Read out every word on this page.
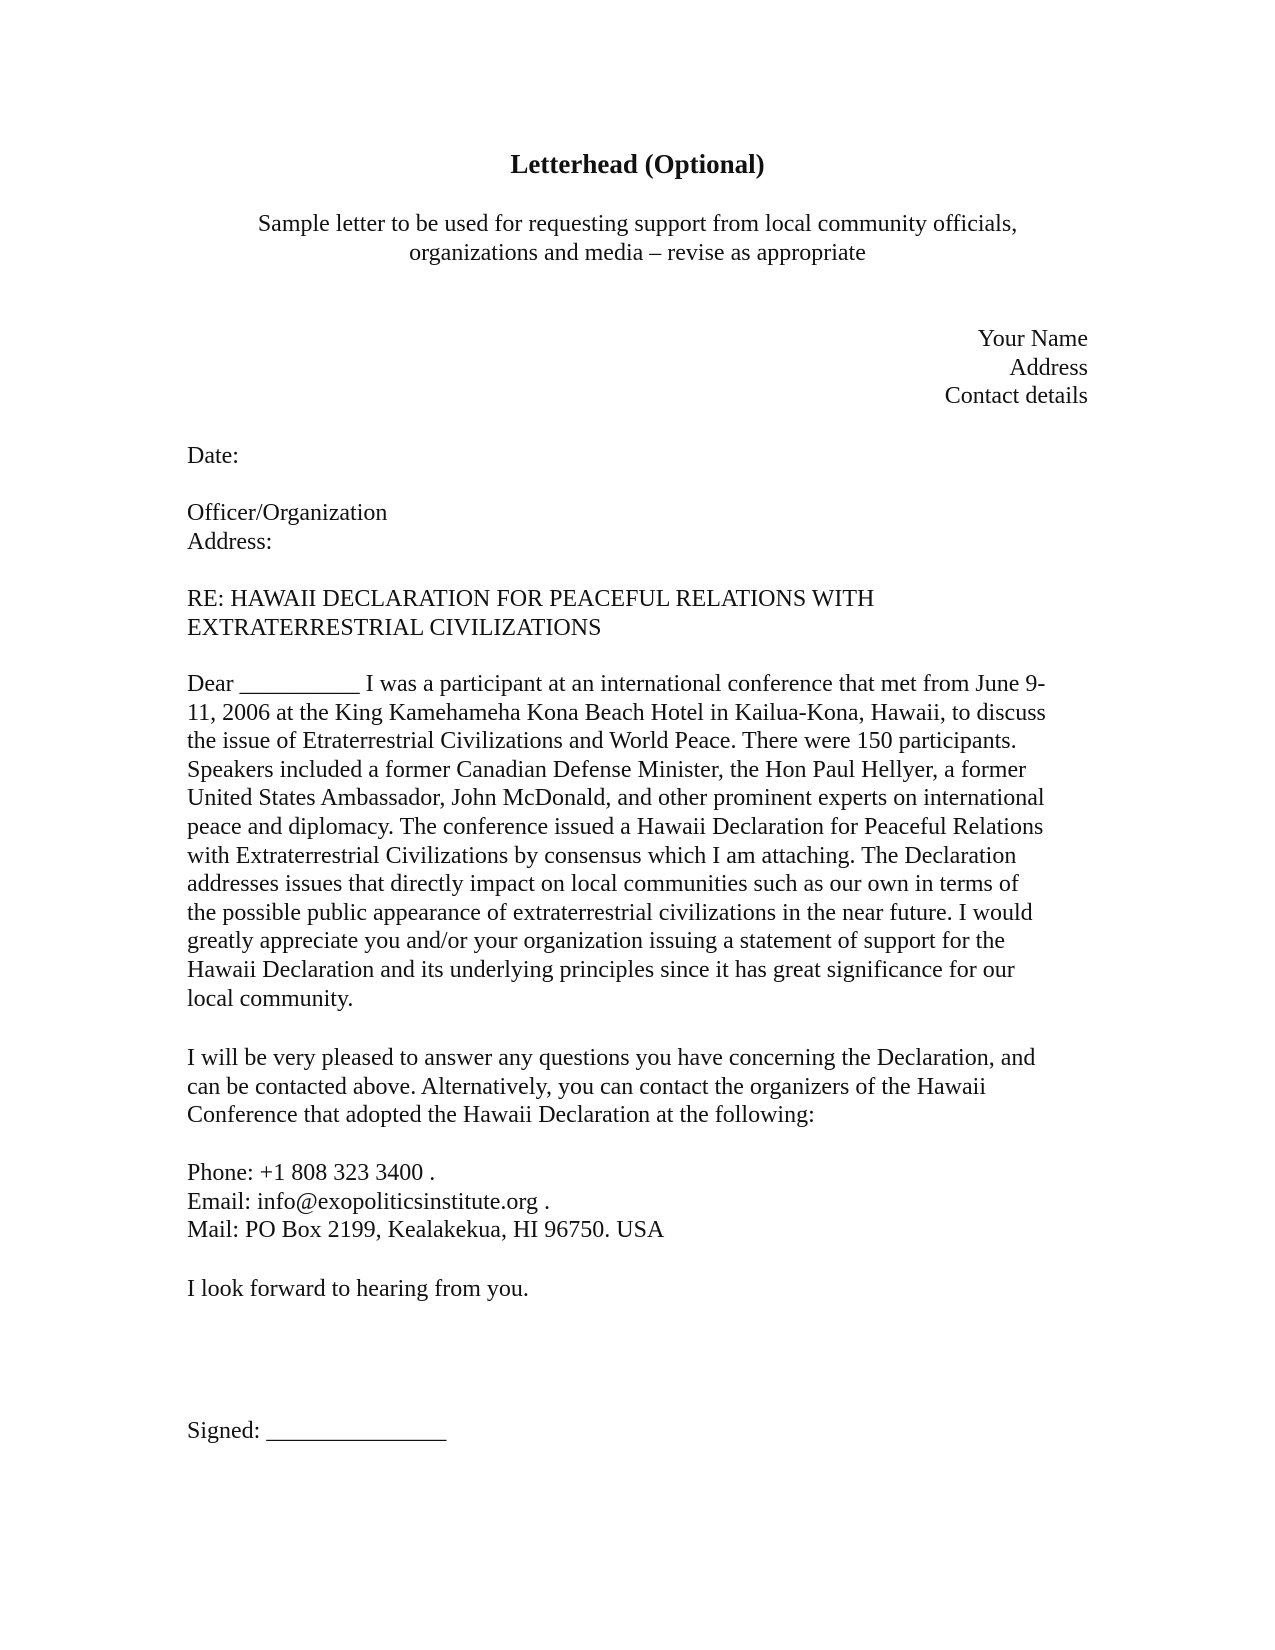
Letterhead (Optional)
Sample letter to be used for requesting support from local community officials,
organizations and media – revise as appropriate
Your Name
Address
Contact details
Date:
Officer/Organization
Address:
RE: HAWAII DECLARATION FOR PEACEFUL RELATIONS WITH
EXTRATERRESTRIAL CIVILIZATIONS
Dear __________ I was a participant at an international conference that met from June 9-
11, 2006 at the King Kamehameha Kona Beach Hotel in Kailua-Kona, Hawaii, to discuss
the issue of Etraterrestrial Civilizations and World Peace. There were 150 participants.
Speakers included a former Canadian Defense Minister, the Hon Paul Hellyer, a former
United States Ambassador, John McDonald, and other prominent experts on international
peace and diplomacy. The conference issued a Hawaii Declaration for Peaceful Relations
with Extraterrestrial Civilizations by consensus which I am attaching. The Declaration
addresses issues that directly impact on local communities such as our own in terms of
the possible public appearance of extraterrestrial civilizations in the near future. I would
greatly appreciate you and/or your organization issuing a statement of support for the
Hawaii Declaration and its underlying principles since it has great significance for our
local community.
I will be very pleased to answer any questions you have concerning the Declaration, and
can be contacted above. Alternatively, you can contact the organizers of the Hawaii
Conference that adopted the Hawaii Declaration at the following:
Phone: +1 808 323 3400 .
Email: info@exopoliticsinstitute.org .
Mail: PO Box 2199, Kealakekua, HI 96750. USA
I look forward to hearing from you.
Signed: _______________
